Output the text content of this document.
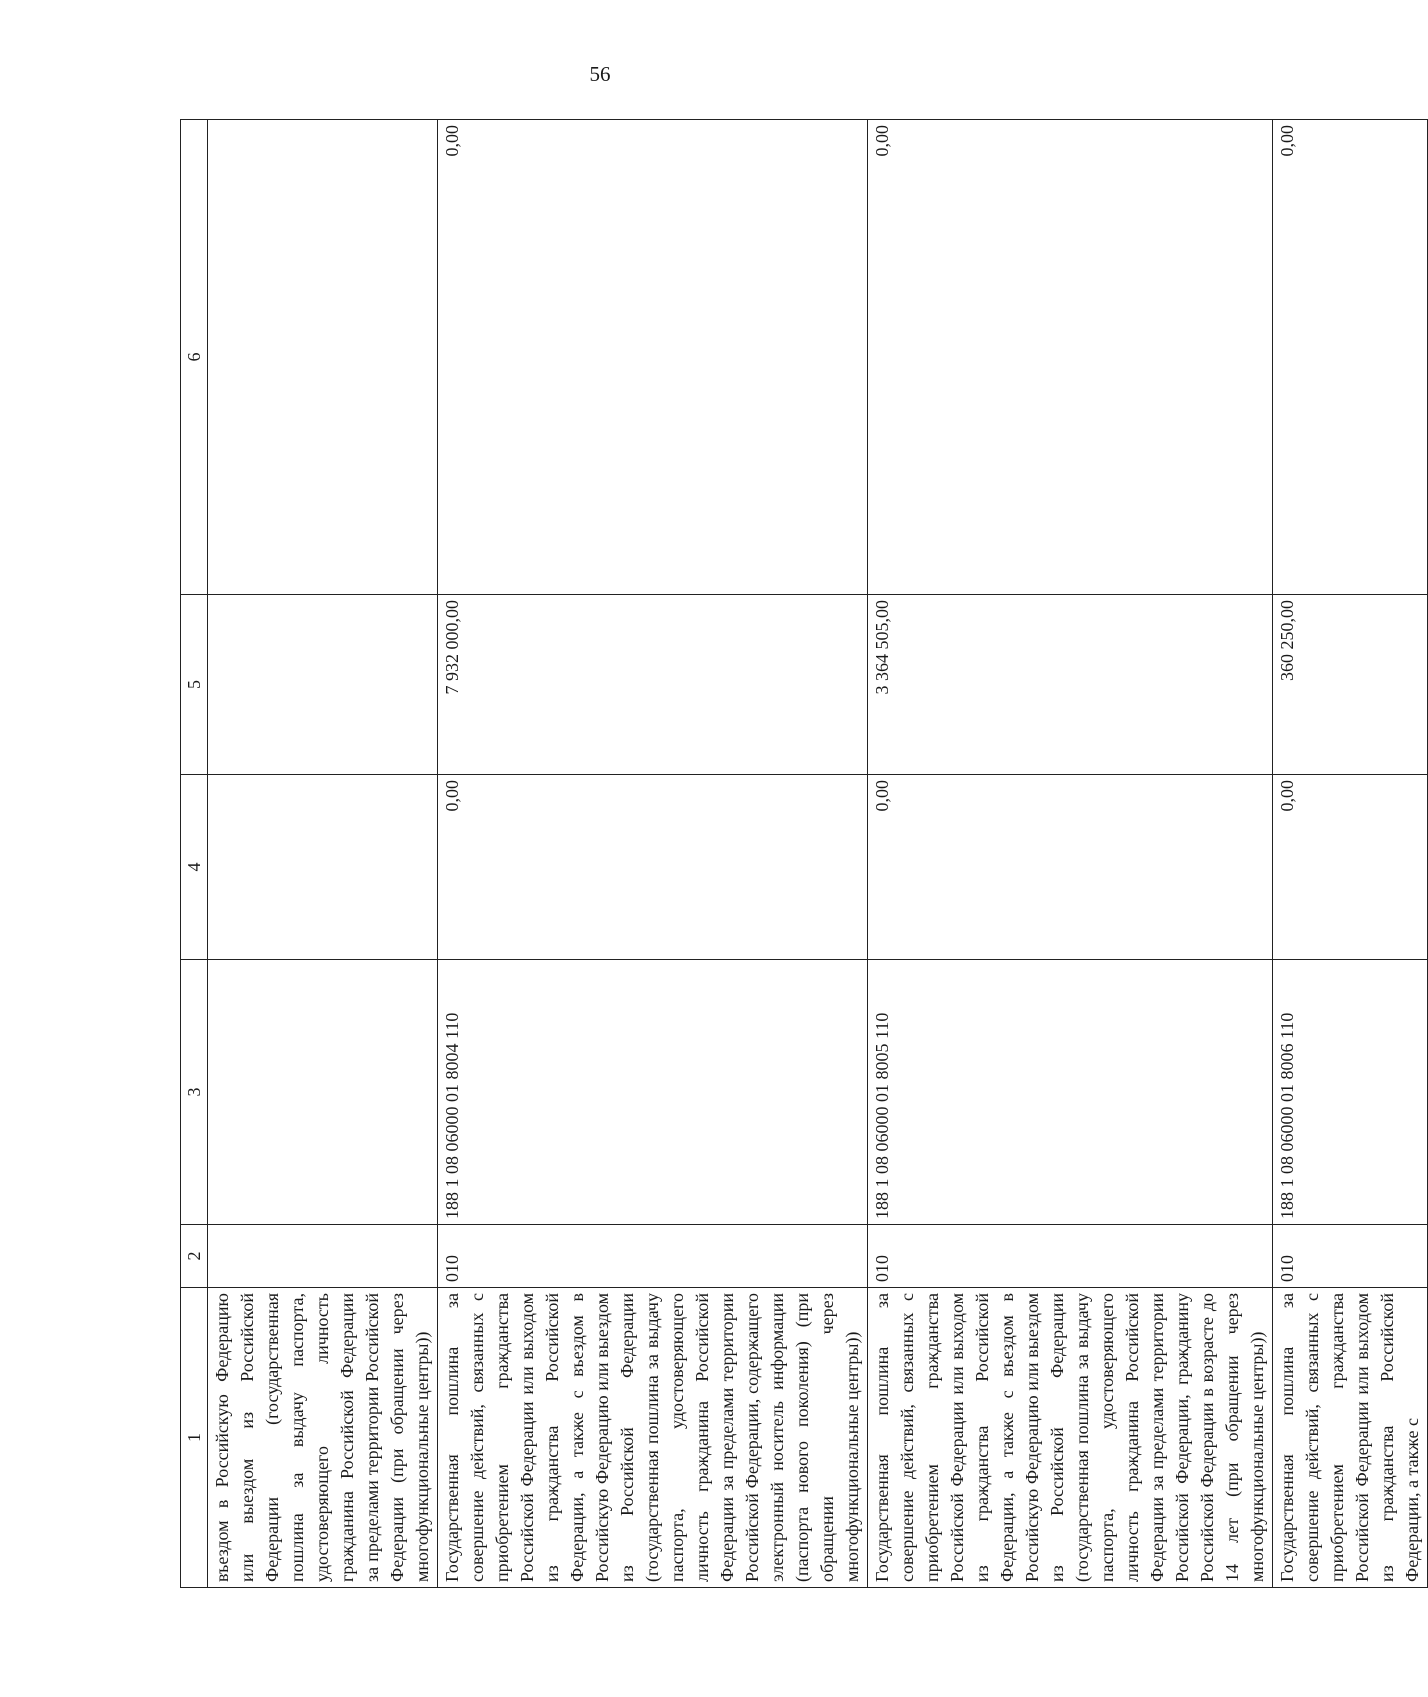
56
1	2	3	4	5	6
въездом в Российскую Федерацию или выездом из Российской Федерации (государственная пошлина за выдачу паспорта, удостоверяющего личность гражданина Российской Федерации за пределами территории Российской Федерации (при обращении через многофункциональные центры))					
Государственная пошлина за совершение действий, связанных с приобретением гражданства Российской Федерации или выходом из гражданства Российской Федерации, а также с въездом в Российскую Федерацию или выездом из Российской Федерации (государственная пошлина за выдачу паспорта, удостоверяющего личность гражданина Российской Федерации за пределами территории Российской Федерации, содержащего электронный носитель информации (паспорта нового поколения) (при обращении через многофункциональные центры))	010	188 1 08 06000 01 8004 110	0,00	7 932 000,00	0,00
Государственная пошлина за совершение действий, связанных с приобретением гражданства Российской Федерации или выходом из гражданства Российской Федерации, а также с въездом в Российскую Федерацию или выездом из Российской Федерации (государственная пошлина за выдачу паспорта, удостоверяющего личность гражданина Российской Федерации за пределами территории Российской Федерации, гражданину Российской Федерации в возрасте до 14 лет (при обращении через многофункциональные центры))	010	188 1 08 06000 01 8005 110	0,00	3 364 505,00	0,00
Государственная пошлина за совершение действий, связанных с приобретением гражданства Российской Федерации или выходом из гражданства Российской Федерации, а также с	010	188 1 08 06000 01 8006 110	0,00	360 250,00	0,00
